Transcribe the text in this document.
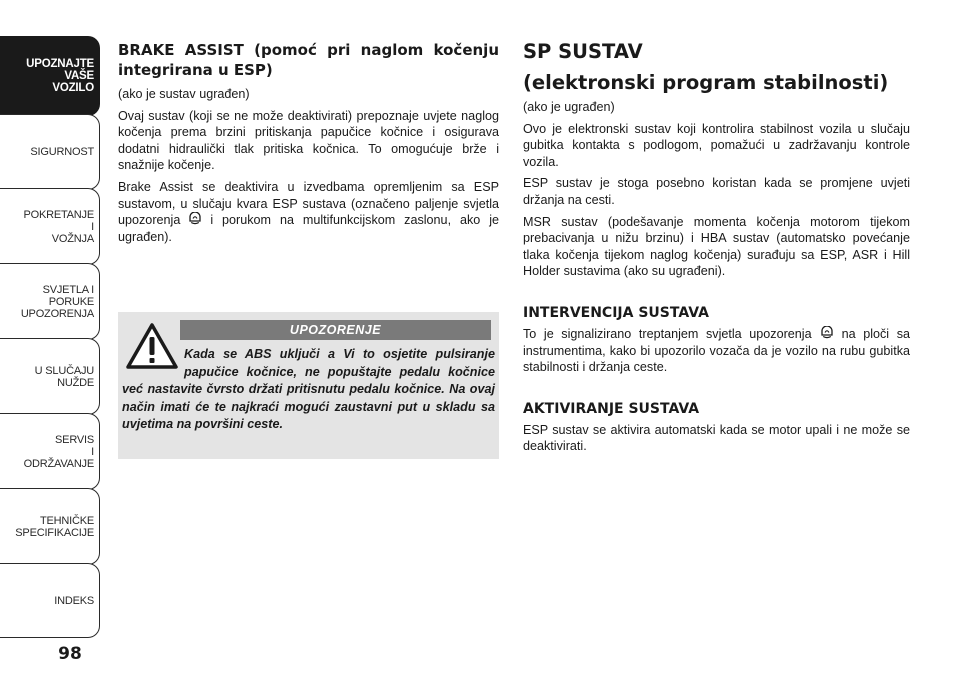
UPOZNAJTE
VAŠE
VOZILO
SIGURNOST
POKRETANJE
I
VOŽNJA
SVJETLA I
PORUKE
UPOZORENJA
U SLUČAJU
NUŽDE
SERVIS
I
ODRŽAVANJE
TEHNIČKE
SPECIFIKACIJE
INDEKS
98
BRAKE ASSIST (pomoć pri naglom kočenju integrirana u ESP)

(ako je sustav ugrađen)

Ovaj sustav (koji se ne može deaktivirati) prepoznaje uvjete naglog kočenja prema brzini pritiskanja papučice kočnice i osigurava dodatni hidraulički tlak pritiska kočnica. To omogućuje brže i snažnije kočenje.

Brake Assist se deaktivira u izvedbama opremljenim sa ESP sustavom, u slučaju kvara ESP sustava (označeno paljenje svjetla upozorenja i porukom na multifunkcijskom zaslonu, ako je ugrađen).

UPOZORENJE
Kada se ABS uključi a Vi to osjetite pulsiranje papučice kočnice, ne popuštajte pedalu kočnice već nastavite čvrsto držati pritisnutu pedalu kočnice. Na ovaj način imati će te najkraći mogući zaustavni put u skladu sa uvjetima na površini ceste.
SP SUSTAV
(elektronski program stabilnosti)

(ako je ugrađen)

Ovo je elektronski sustav koji kontrolira stabilnost vozila u slučaju gubitka kontakta s podlogom, pomažući u zadržavanju kontrole vozila.

ESP sustav je stoga posebno koristan kada se promjene uvjeti držanja na cesti.

MSR sustav (podešavanje momenta kočenja motorom tijekom prebacivanja u nižu brzinu) i HBA sustav (automatsko povećanje tlaka kočenja tijekom naglog kočenja) surađuju sa ESP, ASR i Hill Holder sustavima (ako su ugrađeni).

INTERVENCIJA SUSTAVA

To je signalizirano treptanjem svjetla upozorenja na ploči sa instrumentima, kako bi upozorilo vozača da je vozilo na rubu gubitka stabilnosti i držanja ceste.

AKTIVIRANJE SUSTAVA

ESP sustav se aktivira automatski kada se motor upali i ne može se deaktivirati.
